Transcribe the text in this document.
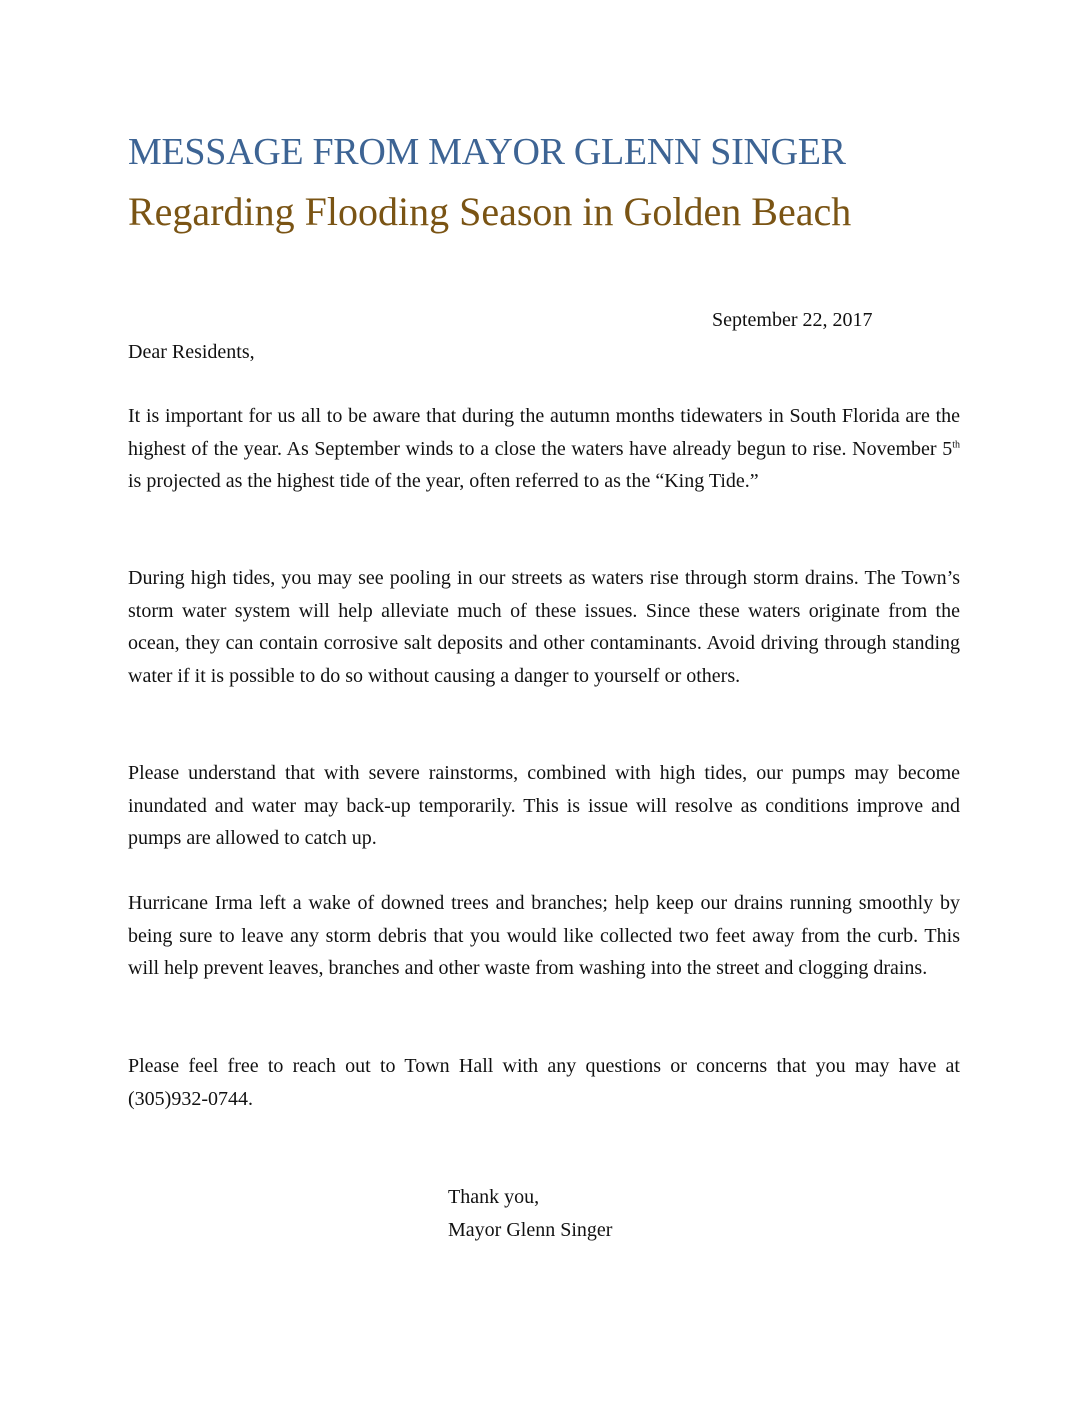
MESSAGE FROM MAYOR GLENN SINGER
Regarding Flooding Season in Golden Beach
September 22, 2017
Dear Residents,

It is important for us all to be aware that during the autumn months tidewaters in South Florida are the highest of the year. As September winds to a close the waters have already begun to rise. November 5th is projected as the highest tide of the year, often referred to as the “King Tide.”

During high tides, you may see pooling in our streets as waters rise through storm drains. The Town’s storm water system will help alleviate much of these issues. Since these waters originate from the ocean, they can contain corrosive salt deposits and other contaminants. Avoid driving through standing water if it is possible to do so without causing a danger to yourself or others.

Please understand that with severe rainstorms, combined with high tides, our pumps may become inundated and water may back-up temporarily. This is issue will resolve as conditions improve and pumps are allowed to catch up.

Hurricane Irma left a wake of downed trees and branches; help keep our drains running smoothly by being sure to leave any storm debris that you would like collected two feet away from the curb. This will help prevent leaves, branches and other waste from washing into the street and clogging drains.

Please feel free to reach out to Town Hall with any questions or concerns that you may have at (305)932-0744.

Thank you,
Mayor Glenn Singer
